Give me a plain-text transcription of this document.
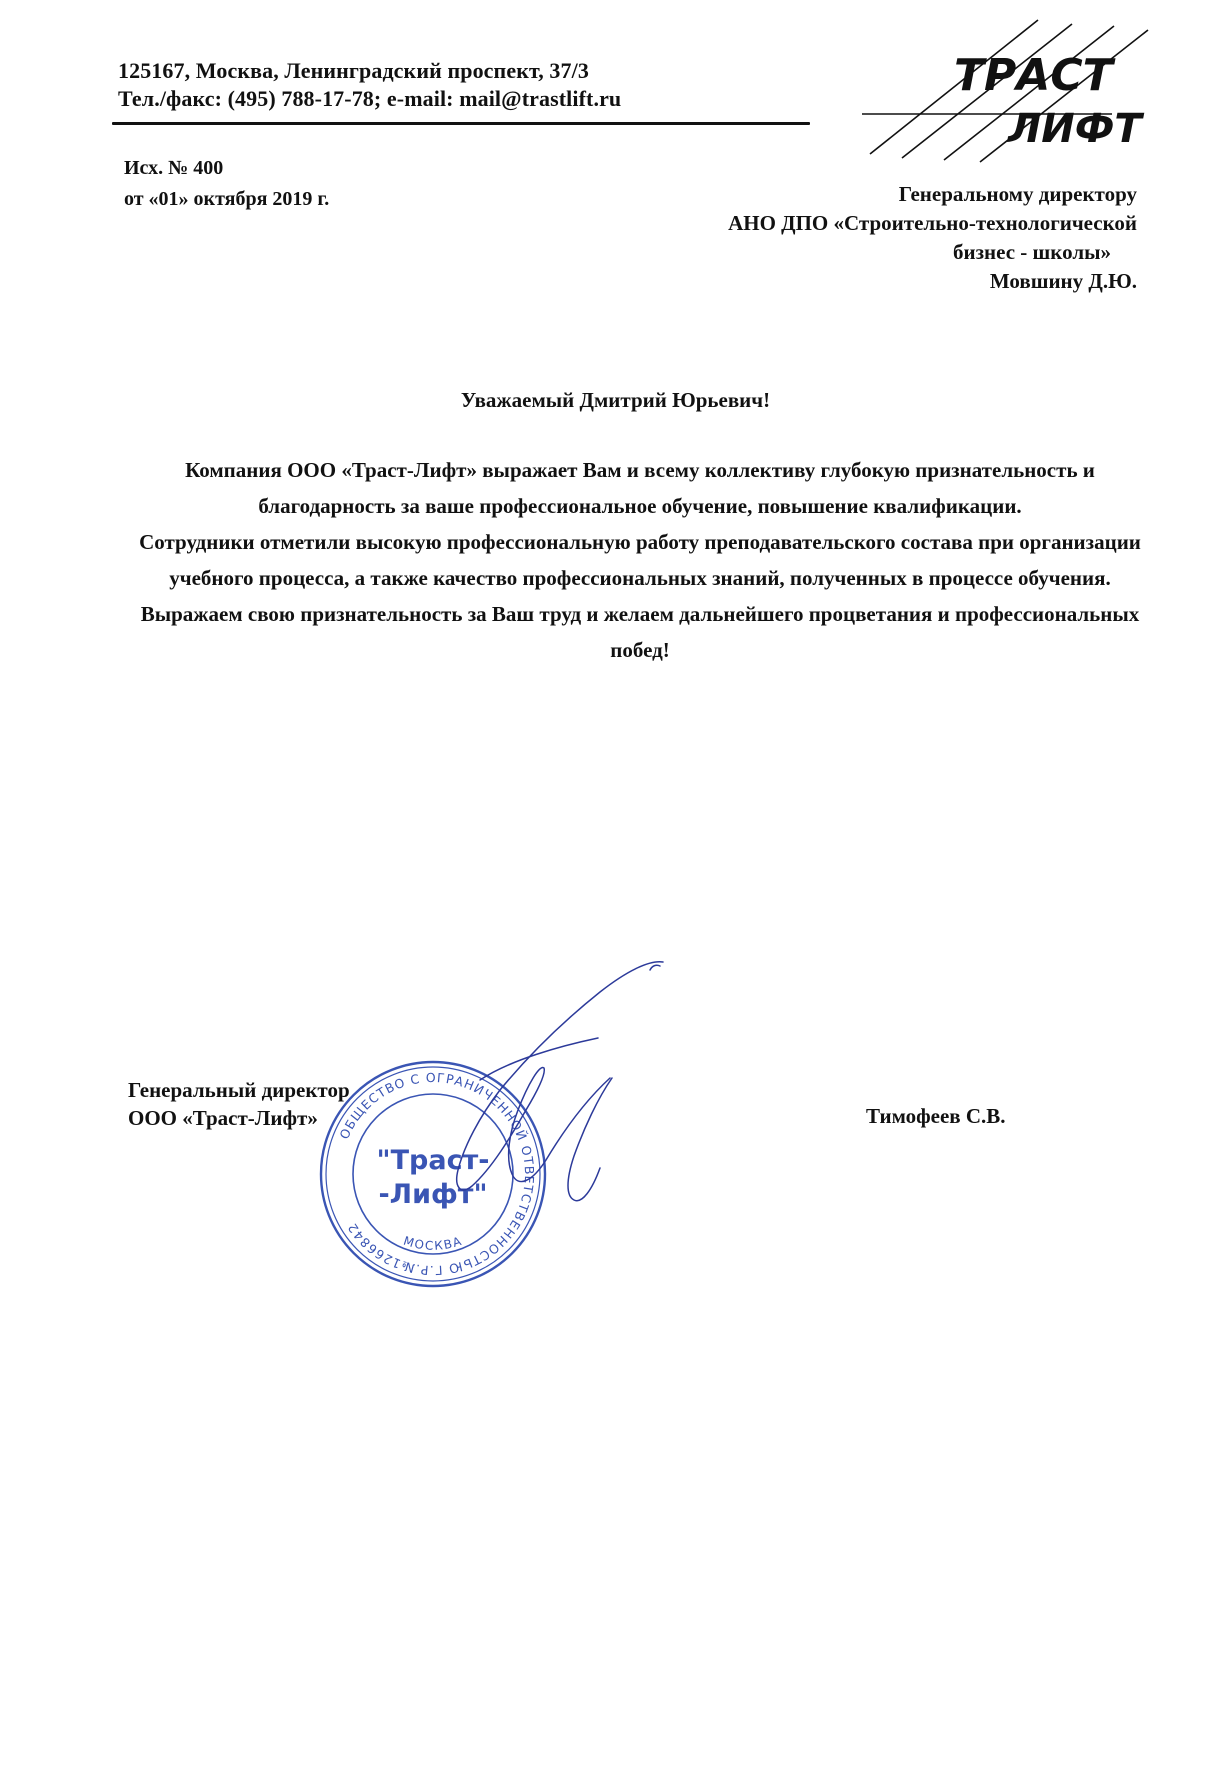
125167, Москва, Ленинградский проспект, 37/3
Тел./факс: (495) 788-17-78; e-mail: mail@trastlift.ru	ТРАСТ
ЛИФТ
Исх. № 400
от «01» октября 2019 г.	Генеральному директору
АНО ДПО «Строительно-технологической
бизнес - школы»
Мовшину Д.Ю.
Уважаемый Дмитрий Юрьевич!

Компания ООО «Траст-Лифт» выражает Вам и всему коллективу глубокую признательность и благодарность за ваше профессиональное обучение, повышение квалификации.

Сотрудники отметили высокую профессиональную работу преподавательского состава при организации учебного процесса, а также качество профессиональных знаний, полученных в процессе обучения.

Выражаем свою признательность за Ваш труд и желаем дальнейшего процветания и профессиональных побед!

Генеральный директор
ООО «Траст-Лифт»	Тимофеев С.В.
ОБЩЕСТВО С ОГРАНИЧЕННОЙ ОТВЕТСТВЕННОСТЬЮ Г.Р.№1266842
МОСКВА
"Траст-
-Лифт"
